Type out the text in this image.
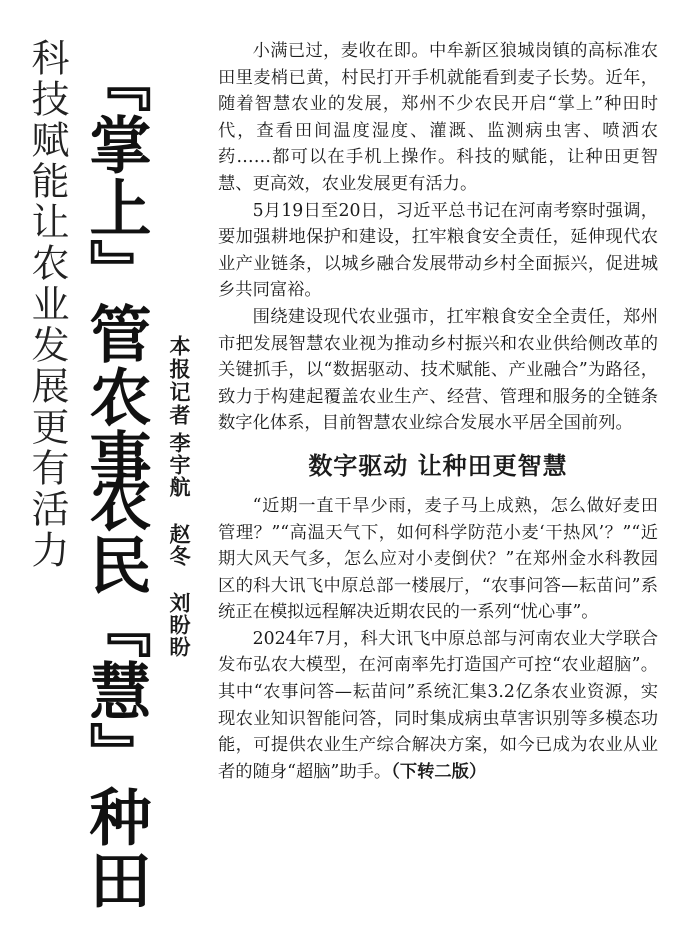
科技赋能让农业发展更有活力 『掌上』管农事
农民『慧』种田
本报记者
李宇航 赵冬 刘盼盼

小满已过，麦收在即。中牟新区狼城岗镇的高标准农田里麦梢已黄，村民打开手机就能看到麦子长势。近年，随着智慧农业的发展，郑州不少农民开启“掌上”种田时代，查看田间温度湿度、灌溉、监测病虫害、喷洒农药……都可以在手机上操作。科技的赋能，让种田更智慧、更高效，农业发展更有活力。

5月19日至20日，习近平总书记在河南考察时强调，要加强耕地保护和建设，扛牢粮食安全责任，延伸现代农业产业链条，以城乡融合发展带动乡村全面振兴，促进城乡共同富裕。

围绕建设现代农业强市，扛牢粮食安全全责任，郑州市把发展智慧农业视为推动乡村振兴和农业供给侧改革的关键抓手，以“数据驱动、技术赋能、产业融合”为路径，致力于构建起覆盖农业生产、经营、管理和服务的全链条数字化体系，目前智慧农业综合发展水平居全国前列。

数字驱动 让种田更智慧

“近期一直干旱少雨，麦子马上成熟，怎么做好麦田管理？”“高温天气下，如何科学防范小麦‘干热风’？”“近期大风天气多，怎么应对小麦倒伏？”在郑州金水科教园区的科大讯飞中原总部一楼展厅，“农事问答—耘苗问”系统正在模拟远程解决近期农民的一系列“忧心事”。

2024年7月，科大讯飞中原总部与河南农业大学联合发布弘农大模型，在河南率先打造国产可控“农业超脑”。其中“农事问答—耘苗问”系统汇集3.2亿条农业资源，实现农业知识智能问答，同时集成病虫草害识别等多模态功能，可提供农业生产综合解决方案，如今已成为农业从业者的随身“超脑”助手。（下转二版）
